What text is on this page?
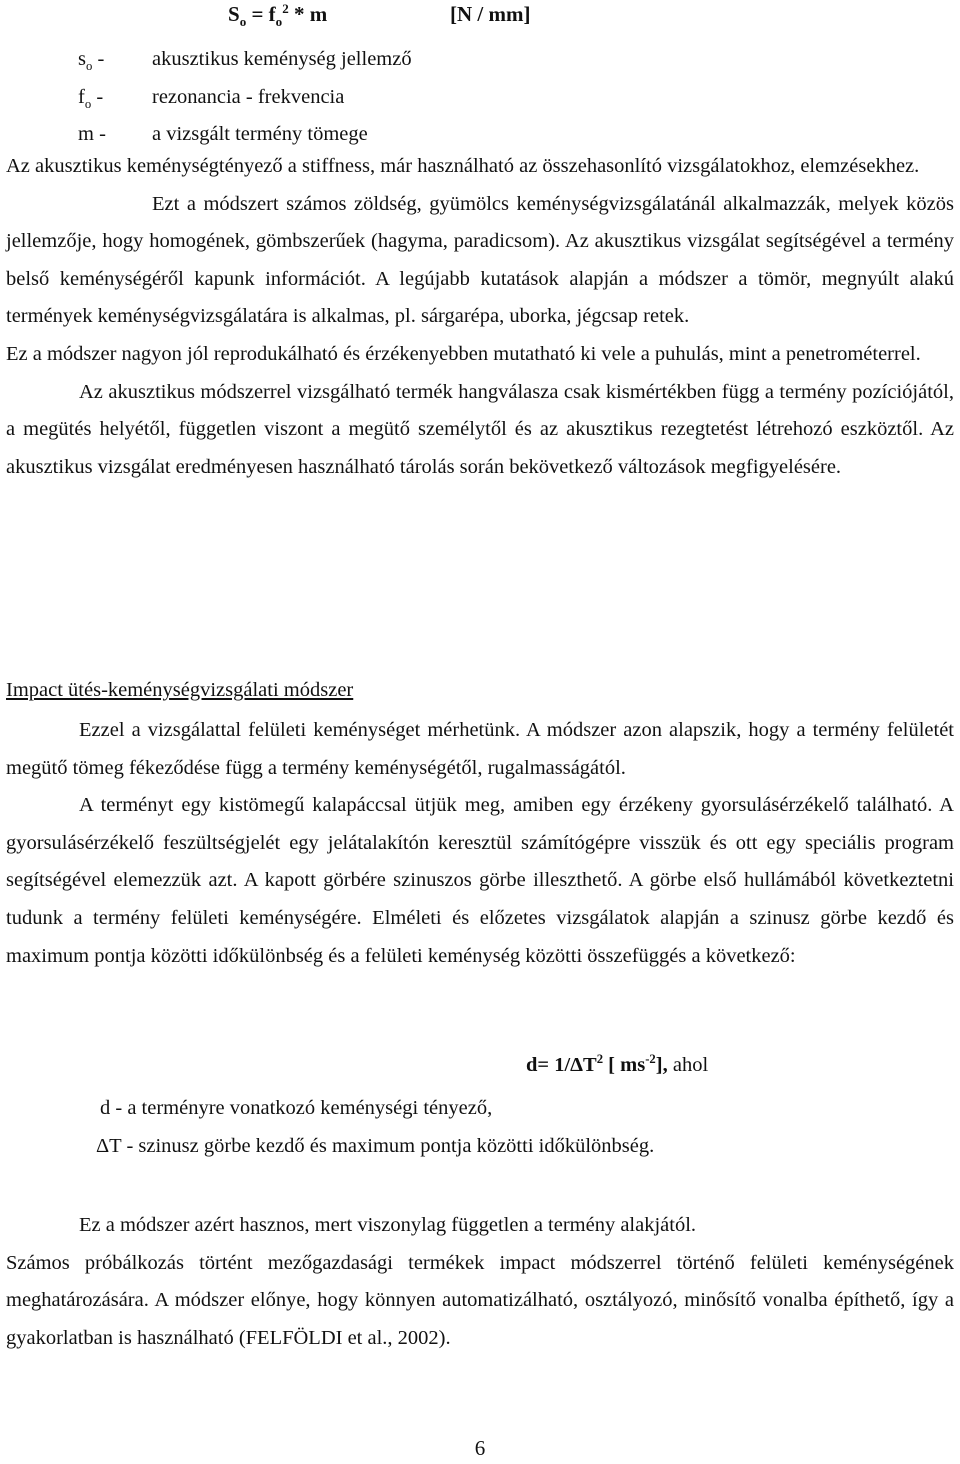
$S_o = f_o^2 * m$	[N / mm]
$s_o$ - akusztikus keménység jellemző
$f_o$ - rezonancia - frekvencia
m - a vizsgált termény tömege

Az akusztikus keménységtényező a stiffness, már használható az összehasonlító vizsgálatokhoz, elemzésekhez.

Ezt a módszert számos zöldség, gyümölcs keménységvizsgálatánál alkalmazzák, melyek közös jellemzője, hogy homogének, gömbszerűek (hagyma, paradicsom). Az akusztikus vizsgálat segítségével a termény belső keménységéről kapunk információt. A legújabb kutatások alapján a módszer a tömör, megnyúlt alakú termények keménységvizsgálatára is alkalmas, pl. sárgarépa, uborka, jégcsap retek.

Ez a módszer nagyon jól reprodukálható és érzékenyebben mutatható ki vele a puhulás, mint a penetrométerrel.

Az akusztikus módszerrel vizsgálható termék hangválasza csak kismértékben függ a termény pozíciójától, a megütés helyétől, független viszont a megütő személytől és az akusztikus rezegtetést létrehozó eszköztől. Az akusztikus vizsgálat eredményesen használható tárolás során bekövetkező változások megfigyelésére.

Impact ütés-keménységvizsgálati módszer

Ezzel a vizsgálattal felületi keménységet mérhetünk. A módszer azon alapszik, hogy a termény felületét megütő tömeg fékeződése függ a termény keménységétől, rugalmasságától.

A terményt egy kistömegű kalapáccsal ütjük meg, amiben egy érzékeny gyorsulásérzékelő található. A gyorsulásérzékelő feszültségjelét egy jelátalakítón keresztül számítógépre visszük és ott egy speciális program segítségével elemezzük azt. A kapott görbére szinuszos görbe illeszthető. A görbe első hullámából következtetni tudunk a termény felületi keménységére. Elméleti és előzetes vizsgálatok alapján a szinusz görbe kezdő és maximum pontja közötti időkülönbség és a felületi keménység közötti összefüggés a következő:

$d= 1/\Delta T^2$ [ $ms^{-2}$], ahol
d - a terményre vonatkozó keménységi tényező,
ΔT - szinusz görbe kezdő és maximum pontja közötti időkülönbség.

Ez a módszer azért hasznos, mert viszonylag független a termény alakjától.

Számos próbálkozás történt mezőgazdasági termékek impact módszerrel történő felületi keménységének meghatározására. A módszer előnye, hogy könnyen automatizálható, osztályozó, minősítő vonalba építhető, így a gyakorlatban is használható (FELFÖLDI et al., 2002).

6
